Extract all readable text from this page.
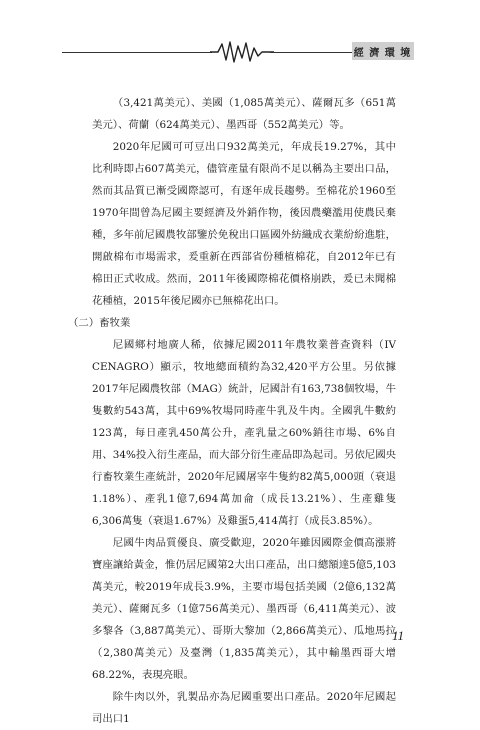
經 濟 環 境

（3,421萬美元）、美國（1,085萬美元）、薩爾瓦多（651萬美元）、荷蘭（624萬美元）、墨西哥（552萬美元）等。

2020年尼國可可豆出口932萬美元，年成長19.27%，其中比利時即占607萬美元，儘管產量有限尚不足以稱為主要出口品，然而其品質已漸受國際認可，有逐年成長趨勢。至棉花於1960至1970年間曾為尼國主要經濟及外銷作物，後因農藥濫用使農民棄種，多年前尼國農牧部鑒於免稅出口區國外紡織成衣業紛紛進駐，開啟棉布市場需求，爰重新在西部省份種植棉花，自2012年已有棉田正式收成。然而，2011年後國際棉花價格崩跌，爰已未聞棉花種植，2015年後尼國亦已無棉花出口。

（二）畜牧業

尼國鄉村地廣人稀，依據尼國2011年農牧業普查資料（IV CENAGRO）顯示，牧地總面積約為32,420平方公里。另依據2017年尼國農牧部（MAG）統計，尼國計有163,738個牧場，牛隻數約543萬，其中69%牧場同時產牛乳及牛肉。全國乳牛數約123萬，每日產乳450萬公升，產乳量之60%銷往市場、6%自用、34%投入衍生產品，而大部分衍生產品即為起司。另依尼國央行畜牧業生產統計，2020年尼國屠宰牛隻約82萬5,000頭（衰退1.18%）、產乳1億7,694萬加侖（成長13.21%）、生產雞隻6,306萬隻（衰退1.67%）及雞蛋5,414萬打（成長3.85%）。

尼國牛肉品質優良、廣受歡迎，2020年雖因國際金價高漲將寶座讓給黃金，惟仍居尼國第2大出口產品，出口總額達5億5,103萬美元，較2019年成長3.9%，主要市場包括美國（2億6,132萬美元）、薩爾瓦多（1億756萬美元）、墨西哥（6,411萬美元）、波多黎各（3,887萬美元）、哥斯大黎加（2,866萬美元）、瓜地馬拉（2,380萬美元）及臺灣（1,835萬美元），其中輸墨西哥大增68.22%，表現亮眼。

除牛肉以外，乳製品亦為尼國重要出口產品。2020年尼國起司出口1

11
